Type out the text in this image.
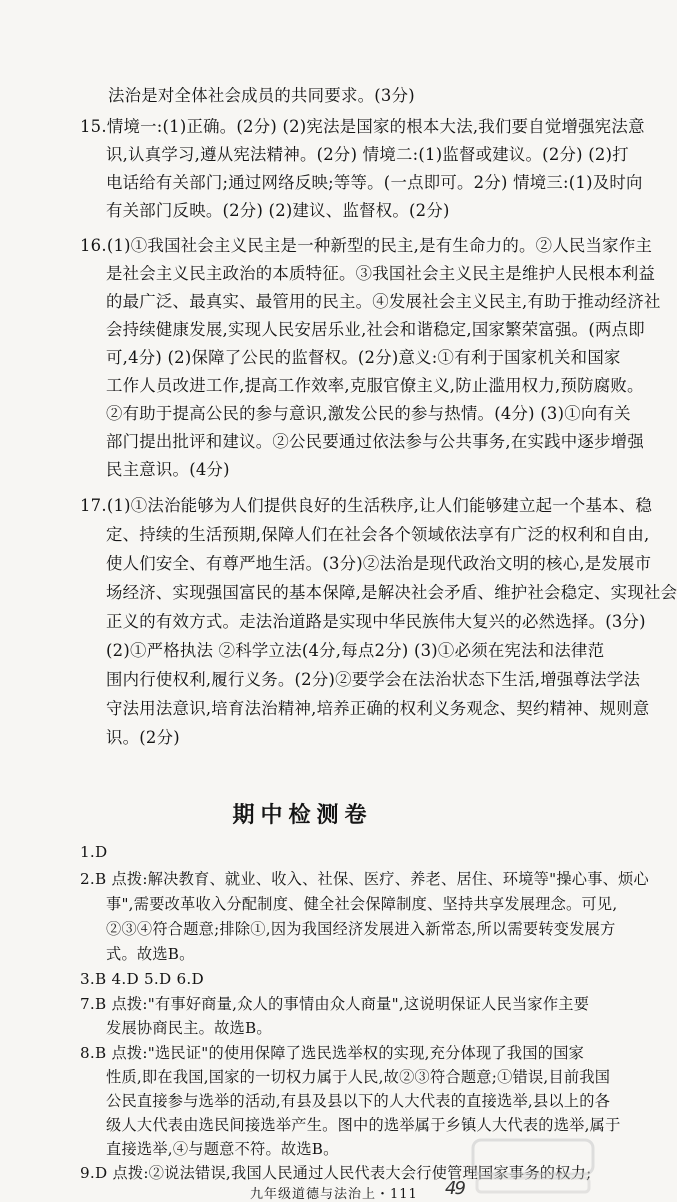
法治是对全体社会成员的共同要求。(3分)
15.情境一:(1)正确。(2分) (2)宪法是国家的根本大法,我们要自觉增强宪法意
识,认真学习,遵从宪法精神。(2分) 情境二:(1)监督或建议。(2分) (2)打
电话给有关部门;通过网络反映;等等。(一点即可。2分) 情境三:(1)及时向
有关部门反映。(2分) (2)建议、监督权。(2分)
16.(1)①我国社会主义民主是一种新型的民主,是有生命力的。②人民当家作主
是社会主义民主政治的本质特征。③我国社会主义民主是维护人民根本利益
的最广泛、最真实、最管用的民主。④发展社会主义民主,有助于推动经济社
会持续健康发展,实现人民安居乐业,社会和谐稳定,国家繁荣富强。(两点即
可,4分) (2)保障了公民的监督权。(2分)意义:①有利于国家机关和国家
工作人员改进工作,提高工作效率,克服官僚主义,防止滥用权力,预防腐败。
②有助于提高公民的参与意识,激发公民的参与热情。(4分) (3)①向有关
部门提出批评和建议。②公民要通过依法参与公共事务,在实践中逐步增强
民主意识。(4分)
17.(1)①法治能够为人们提供良好的生活秩序,让人们能够建立起一个基本、稳
定、持续的生活预期,保障人们在社会各个领域依法享有广泛的权利和自由,
使人们安全、有尊严地生活。(3分)②法治是现代政治文明的核心,是发展市
场经济、实现强国富民的基本保障,是解决社会矛盾、维护社会稳定、实现社会
正义的有效方式。走法治道路是实现中华民族伟大复兴的必然选择。(3分)
(2)①严格执法 ②科学立法(4分,每点2分) (3)①必须在宪法和法律范
围内行使权利,履行义务。(2分)②要学会在法治状态下生活,增强尊法学法
守法用法意识,培育法治精神,培养正确的权利义务观念、契约精神、规则意
识。(2分)
期中检测卷
1.D
2.B 点拨:解决教育、就业、收入、社保、医疗、养老、居住、环境等"操心事、烦心
事",需要改革收入分配制度、健全社会保障制度、坚持共享发展理念。可见,
②③④符合题意;排除①,因为我国经济发展进入新常态,所以需要转变发展方
式。故选B。
3.B 4.D 5.D 6.D
7.B 点拨:"有事好商量,众人的事情由众人商量",这说明保证人民当家作主要
发展协商民主。故选B。
8.B 点拨:"选民证"的使用保障了选民选举权的实现,充分体现了我国的国家
性质,即在我国,国家的一切权力属于人民,故②③符合题意;①错误,目前我国
公民直接参与选举的活动,有县及县以下的人大代表的直接选举,县以上的各
级人大代表由选民间接选举产生。图中的选举属于乡镇人大代表的选举,属于
直接选举,④与题意不符。故选B。
9.D 点拨:②说法错误,我国人民通过人民代表大会行使管理国家事务的权力;
九年级道德与法治上・111 49
